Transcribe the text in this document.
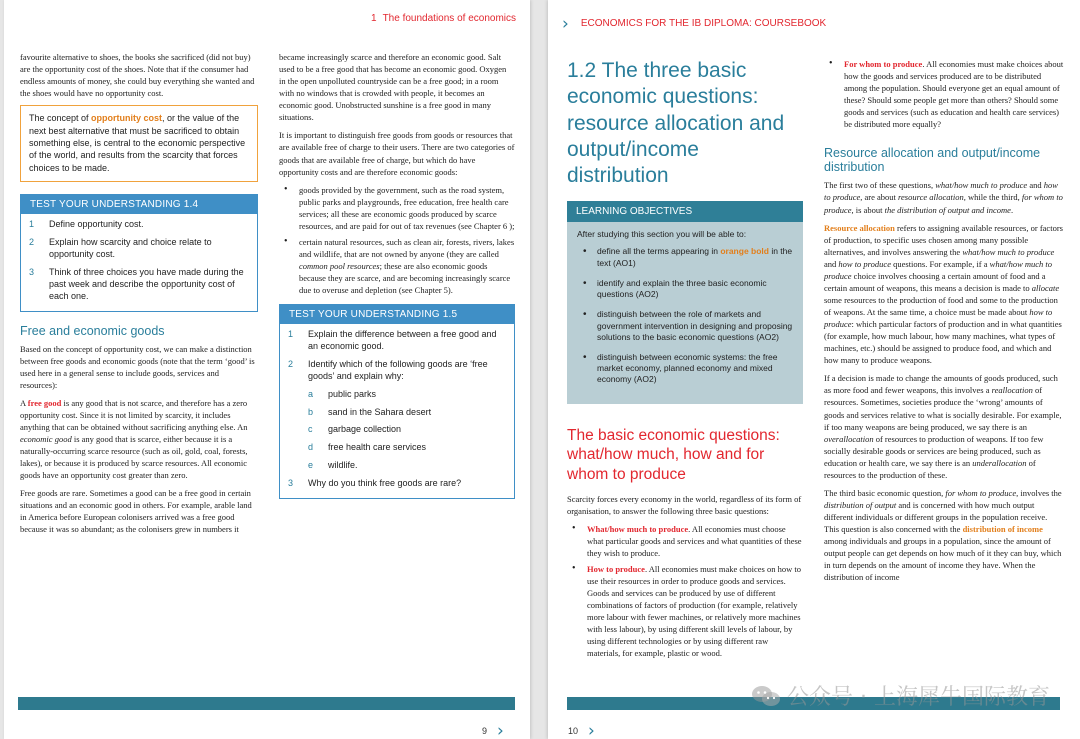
1 The foundations of economics

favourite alternative to shoes, the books she sacrificed (did not buy) are the opportunity cost of the shoes. Note that if the consumer had endless amounts of money, she could buy everything she wanted and the shoes would have no opportunity cost.

The concept of opportunity cost, or the value of the next best alternative that must be sacrificed to obtain something else, is central to the economic perspective of the world, and results from the scarcity that forces choices to be made.
TEST YOUR UNDERSTANDING 1.4
1	Define opportunity cost.
2	Explain how scarcity and choice relate to opportunity cost.
3	Think of three choices you have made during the past week and describe the opportunity cost of each one.
Free and economic goods

Based on the concept of opportunity cost, we can make a distinction between free goods and economic goods (note that the term ‘good’ is used here in a general sense to include goods, services and resources):

A free good is any good that is not scarce, and therefore has a zero opportunity cost. Since it is not limited by scarcity, it includes anything that can be obtained without sacrificing anything else. An economic good is any good that is scarce, either because it is a naturally-occurring scarce resource (such as oil, gold, coal, forests, lakes), or because it is produced by scarce resources. All economic goods have an opportunity cost greater than zero.

Free goods are rare. Sometimes a good can be a free good in certain situations and an economic good in others. For example, arable land in America before European colonisers arrived was a free good because it was so abundant; as the colonisers grew in numbers it

became increasingly scarce and therefore an economic good. Salt used to be a free good that has become an economic good. Oxygen in the open unpolluted countryside can be a free good; in a room with no windows that is crowded with people, it becomes an economic good. Unobstructed sunshine is a free good in many situations.

It is important to distinguish free goods from goods or resources that are available free of charge to their users. There are two categories of goods that are available free of charge, but which do have opportunity costs and are therefore economic goods:

• goods provided by the government, such as the road system, public parks and playgrounds, free education, free health care services; all these are economic goods produced by scarce resources, and are paid for out of tax revenues (see Chapter 6 );
• certain natural resources, such as clean air, forests, rivers, lakes and wildlife, that are not owned by anyone (they are called common pool resources; these are also economic goods because they are scarce, and are becoming increasingly scarce due to overuse and depletion (see Chapter 5).
TEST YOUR UNDERSTANDING 1.5
1	Explain the difference between a free good and an economic good.
2	Identify which of the following goods are ‘free goods’ and explain why:
a	public parks
b	sand in the Sahara desert
c	garbage collection
d	free health care services
e	wildlife.
3	Why do you think free goods are rare?
9 ›
› ECONOMICS FOR THE IB DIPLOMA: COURSEBOOK
1.2 The three basic economic questions: resource allocation and output/income distribution
LEARNING OBJECTIVES
After studying this section you will be able to:
• define all the terms appearing in orange bold in the text (AO1)
• identify and explain the three basic economic questions (AO2)
• distinguish between the role of markets and government intervention in designing and proposing solutions to the basic economic questions (AO2)
• distinguish between economic systems: the free market economy, planned economy and mixed economy (AO2)
The basic economic questions: what/how much, how and for whom to produce

Scarcity forces every economy in the world, regardless of its form of organisation, to answer the following three basic questions:

• What/how much to produce. All economies must choose what particular goods and services and what quantities of these they wish to produce.
• How to produce. All economies must make choices on how to use their resources in order to produce goods and services. Goods and services can be produced by use of different combinations of factors of production (for example, relatively more labour with fewer machines, or relatively more machines with less labour), by using different skill levels of labour, by using different technologies or by using different raw materials, for example, plastic or wood.
• For whom to produce. All economies must make choices about how the goods and services produced are to be distributed among the population. Should everyone get an equal amount of these? Should some people get more than others? Should some goods and services (such as education and health care services) be distributed more equally?
Resource allocation and output/income distribution

The first two of these questions, what/how much to produce and how to produce, are about resource allocation, while the third, for whom to produce, is about the distribution of output and income.

Resource allocation refers to assigning available resources, or factors of production, to specific uses chosen among many possible alternatives, and involves answering the what/how much to produce and how to produce questions. For example, if a what/how much to produce choice involves choosing a certain amount of food and a certain amount of weapons, this means a decision is made to allocate some resources to the production of food and some to the production of weapons. At the same time, a choice must be made about how to produce: which particular factors of production and in what quantities (for example, how much labour, how many machines, what types of machines, etc.) should be assigned to produce food, and which and how many to produce weapons.

If a decision is made to change the amounts of goods produced, such as more food and fewer weapons, this involves a reallocation of resources. Sometimes, societies produce the ‘wrong’ amounts of goods and services relative to what is socially desirable. For example, if too many weapons are being produced, we say there is an overallocation of resources to production of weapons. If too few socially desirable goods or services are being produced, such as education or health care, we say there is an underallocation of resources to the production of these.

The third basic economic question, for whom to produce, involves the distribution of output and is concerned with how much output different individuals or different groups in the population receive. This question is also concerned with the distribution of income among individuals and groups in a population, since the amount of output people can get depends on how much of it they can buy, which in turn depends on the amount of income they have. When the distribution of income

10 ›
公众号 · 上海犀牛国际教育
